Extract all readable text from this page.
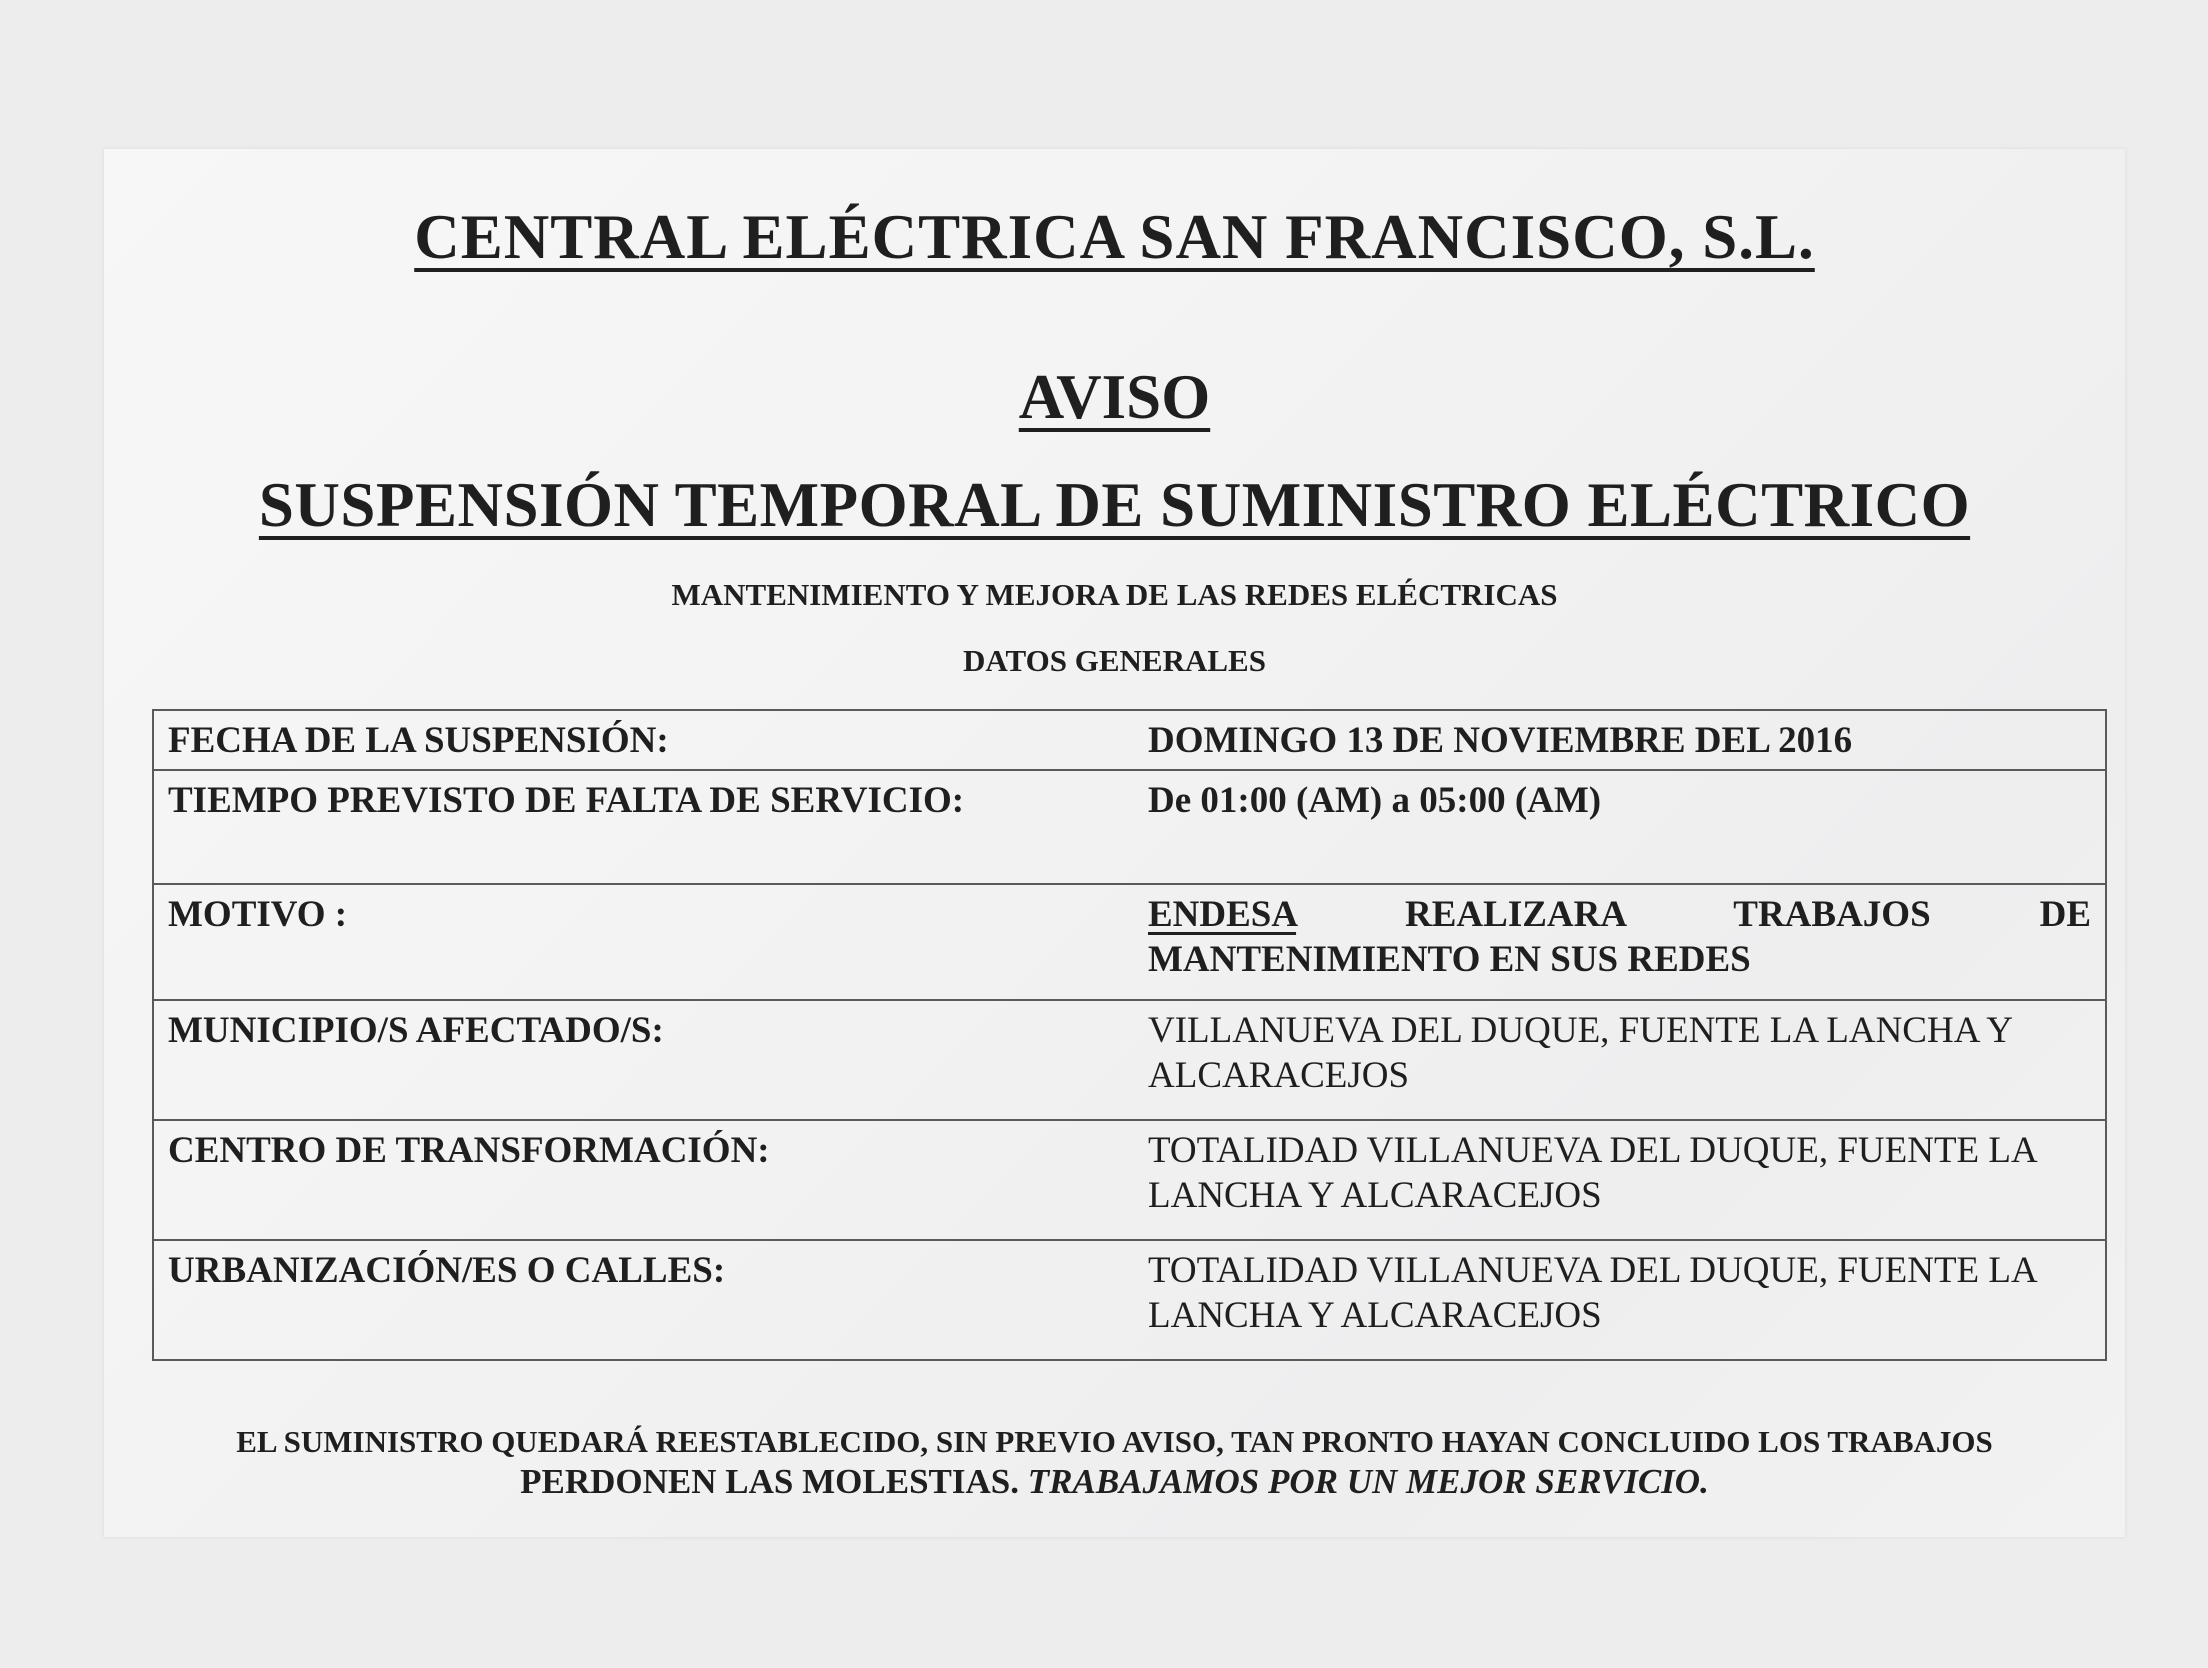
CENTRAL ELÉCTRICA SAN FRANCISCO, S.L.
AVISO
SUSPENSIÓN TEMPORAL DE SUMINISTRO ELÉCTRICO
MANTENIMIENTO Y MEJORA DE LAS REDES ELÉCTRICAS
DATOS GENERALES
FECHA DE LA SUSPENSIÓN:	DOMINGO 13 DE NOVIEMBRE DEL 2016
TIEMPO PREVISTO DE FALTA DE SERVICIO:	De 01:00 (AM) a 05:00 (AM)
MOTIVO :	ENDESA REALIZARA TRABAJOS DE MANTENIMIENTO EN SUS REDES
MUNICIPIO/S AFECTADO/S:	VILLANUEVA DEL DUQUE, FUENTE LA LANCHA Y ALCARACEJOS
CENTRO DE TRANSFORMACIÓN:	TOTALIDAD VILLANUEVA DEL DUQUE, FUENTE LA LANCHA Y ALCARACEJOS
URBANIZACIÓN/ES O CALLES:	TOTALIDAD VILLANUEVA DEL DUQUE, FUENTE LA LANCHA Y ALCARACEJOS
EL SUMINISTRO QUEDARÁ REESTABLECIDO, SIN PREVIO AVISO, TAN PRONTO HAYAN CONCLUIDO LOS TRABAJOS
PERDONEN LAS MOLESTIAS. TRABAJAMOS POR UN MEJOR SERVICIO.
